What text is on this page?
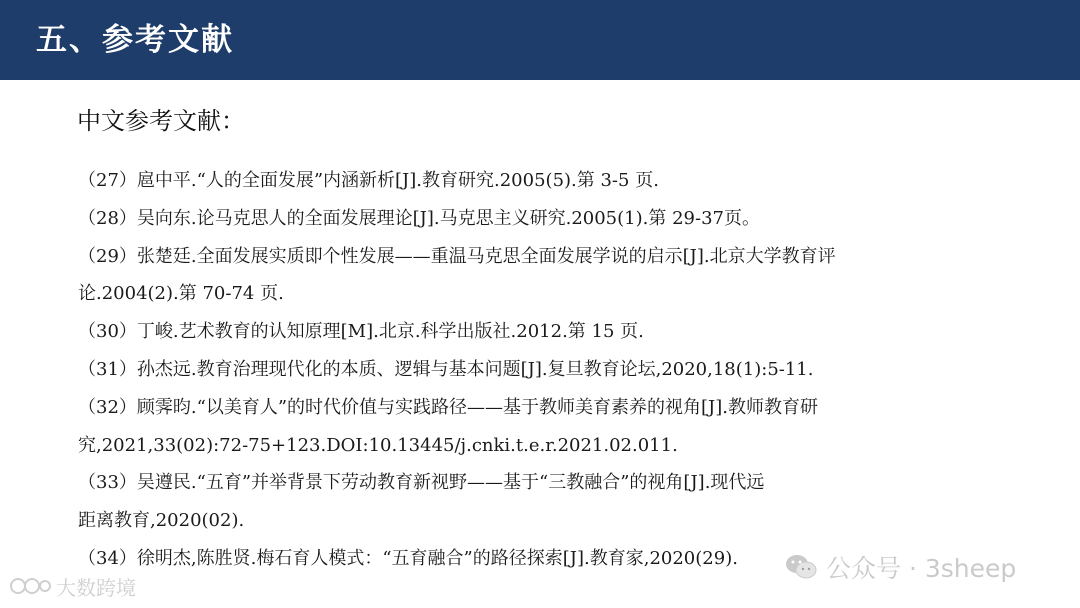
五、参考文献
中文参考文献：
（27）扈中平.“人的全面发展”内涵新析[J].教育研究.2005(5).第 3-5 页.
（28）吴向东.论马克思人的全面发展理论[J].马克思主义研究.2005(1).第 29-37页。
（29）张楚廷.全面发展实质即个性发展——重温马克思全面发展学说的启示[J].北京大学教育评
论.2004(2).第 70-74 页.
（30）丁峻.艺术教育的认知原理[M].北京.科学出版社.2012.第 15 页.
（31）孙杰远.教育治理现代化的本质、逻辑与基本问题[J].复旦教育论坛,2020,18(1):5-11.
（32）顾霁昀.“以美育人”的时代价值与实践路径——基于教师美育素养的视角[J].教师教育研
究,2021,33(02):72-75+123.DOI:10.13445/j.cnki.t.e.r.2021.02.011.
（33）吴遵民.“五育”并举背景下劳动教育新视野——基于“三教融合”的视角[J].现代远
距离教育,2020(02).
（34）徐明杰,陈胜贤.梅石育人模式：“五育融合”的路径探索[J].教育家,2020(29).
大数跨境
公众号 · 3sheep
